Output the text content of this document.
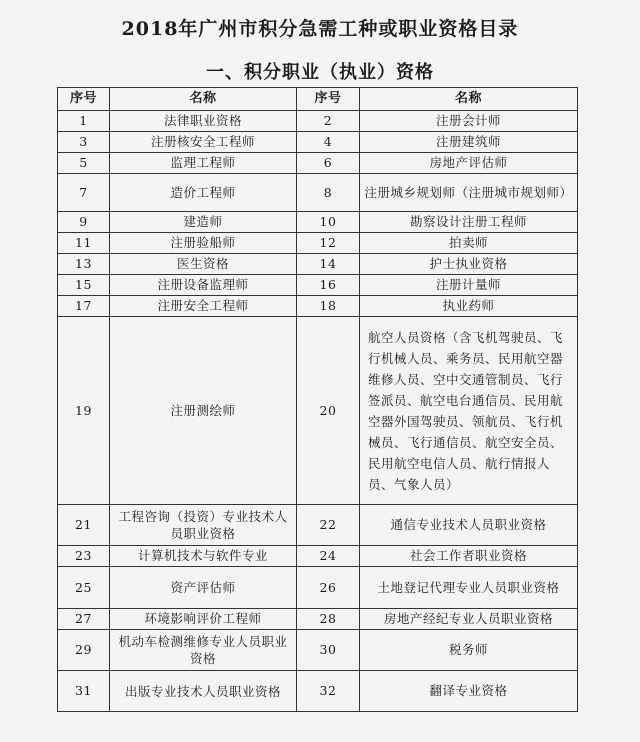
2018年广州市积分急需工种或职业资格目录
一、积分职业（执业）资格
序号	名称	序号	名称
1	法律职业资格	2	注册会计师
3	注册核安全工程师	4	注册建筑师
5	监理工程师	6	房地产评估师
7	造价工程师	8	注册城乡规划师（注册城市规划师）
9	建造师	10	勘察设计注册工程师
11	注册验船师	12	拍卖师
13	医生资格	14	护士执业资格
15	注册设备监理师	16	注册计量师
17	注册安全工程师	18	执业药师
19	注册测绘师	20	航空人员资格（含飞机驾驶员、飞行机械人员、乘务员、民用航空器维修人员、空中交通管制员、飞行签派员、航空电台通信员、民用航空器外国驾驶员、领航员、飞行机械员、飞行通信员、航空安全员、民用航空电信人员、航行情报人员、气象人员）
21	工程咨询（投资）专业技术人员职业资格	22	通信专业技术人员职业资格
23	计算机技术与软件专业	24	社会工作者职业资格
25	资产评估师	26	土地登记代理专业人员职业资格
27	环境影响评价工程师	28	房地产经纪专业人员职业资格
29	机动车检测维修专业人员职业资格	30	税务师
31	出版专业技术人员职业资格	32	翻译专业资格
